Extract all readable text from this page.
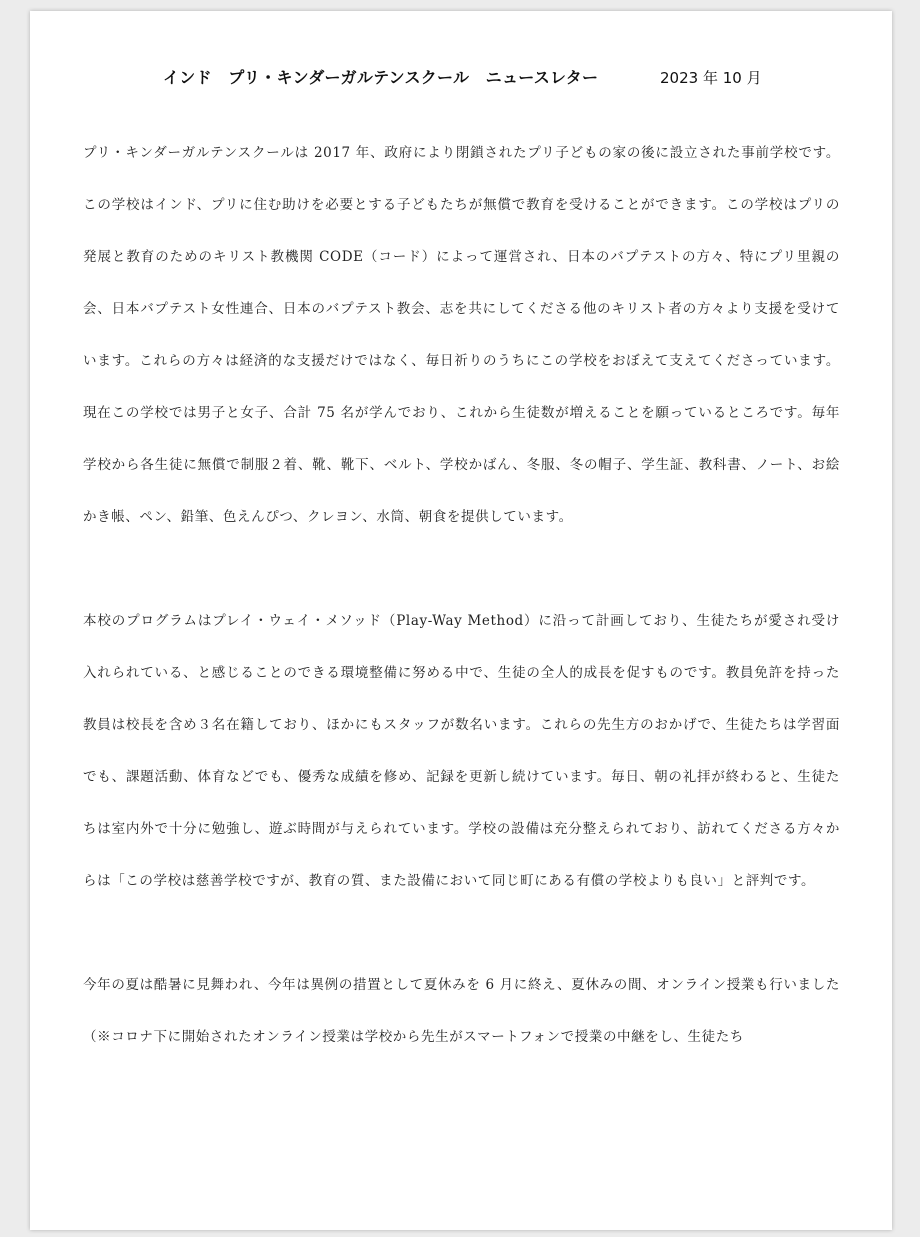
インド　プリ・キンダーガルテンスクール　ニュースレター	2023 年 10 月

プリ・キンダーガルテンスクールは 2017 年、政府により閉鎖されたプリ子どもの家の後に設立された事前学校です。この学校はインド、プリに住む助けを必要とする子どもたちが無償で教育を受けることができます。この学校はプリの発展と教育のためのキリスト教機関 CODE（コード）によって運営され、日本のバプテストの方々、特にプリ里親の会、日本バプテスト女性連合、日本のバプテスト教会、志を共にしてくださる他のキリスト者の方々より支援を受けています。これらの方々は経済的な支援だけではなく、毎日祈りのうちにこの学校をおぼえて支えてくださっています。現在この学校では男子と女子、合計 75 名が学んでおり、これから生徒数が増えることを願っているところです。毎年学校から各生徒に無償で制服２着、靴、靴下、ベルト、学校かばん、冬服、冬の帽子、学生証、教科書、ノート、お絵かき帳、ペン、鉛筆、色えんぴつ、クレヨン、水筒、朝食を提供しています。

本校のプログラムはプレイ・ウェイ・メソッド（Play-Way Method）に沿って計画しており、生徒たちが愛され受け入れられている、と感じることのできる環境整備に努める中で、生徒の全人的成長を促すものです。教員免許を持った教員は校長を含め３名在籍しており、ほかにもスタッフが数名います。これらの先生方のおかげで、生徒たちは学習面でも、課題活動、体育などでも、優秀な成績を修め、記録を更新し続けています。毎日、朝の礼拝が終わると、生徒たちは室内外で十分に勉強し、遊ぶ時間が与えられています。学校の設備は充分整えられており、訪れてくださる方々からは「この学校は慈善学校ですが、教育の質、また設備において同じ町にある有償の学校よりも良い」と評判です。

今年の夏は酷暑に見舞われ、今年は異例の措置として夏休みを 6 月に終え、夏休みの間、オンライン授業も行いました（※コロナ下に開始されたオンライン授業は学校から先生がスマートフォンで授業の中継をし、生徒たち
